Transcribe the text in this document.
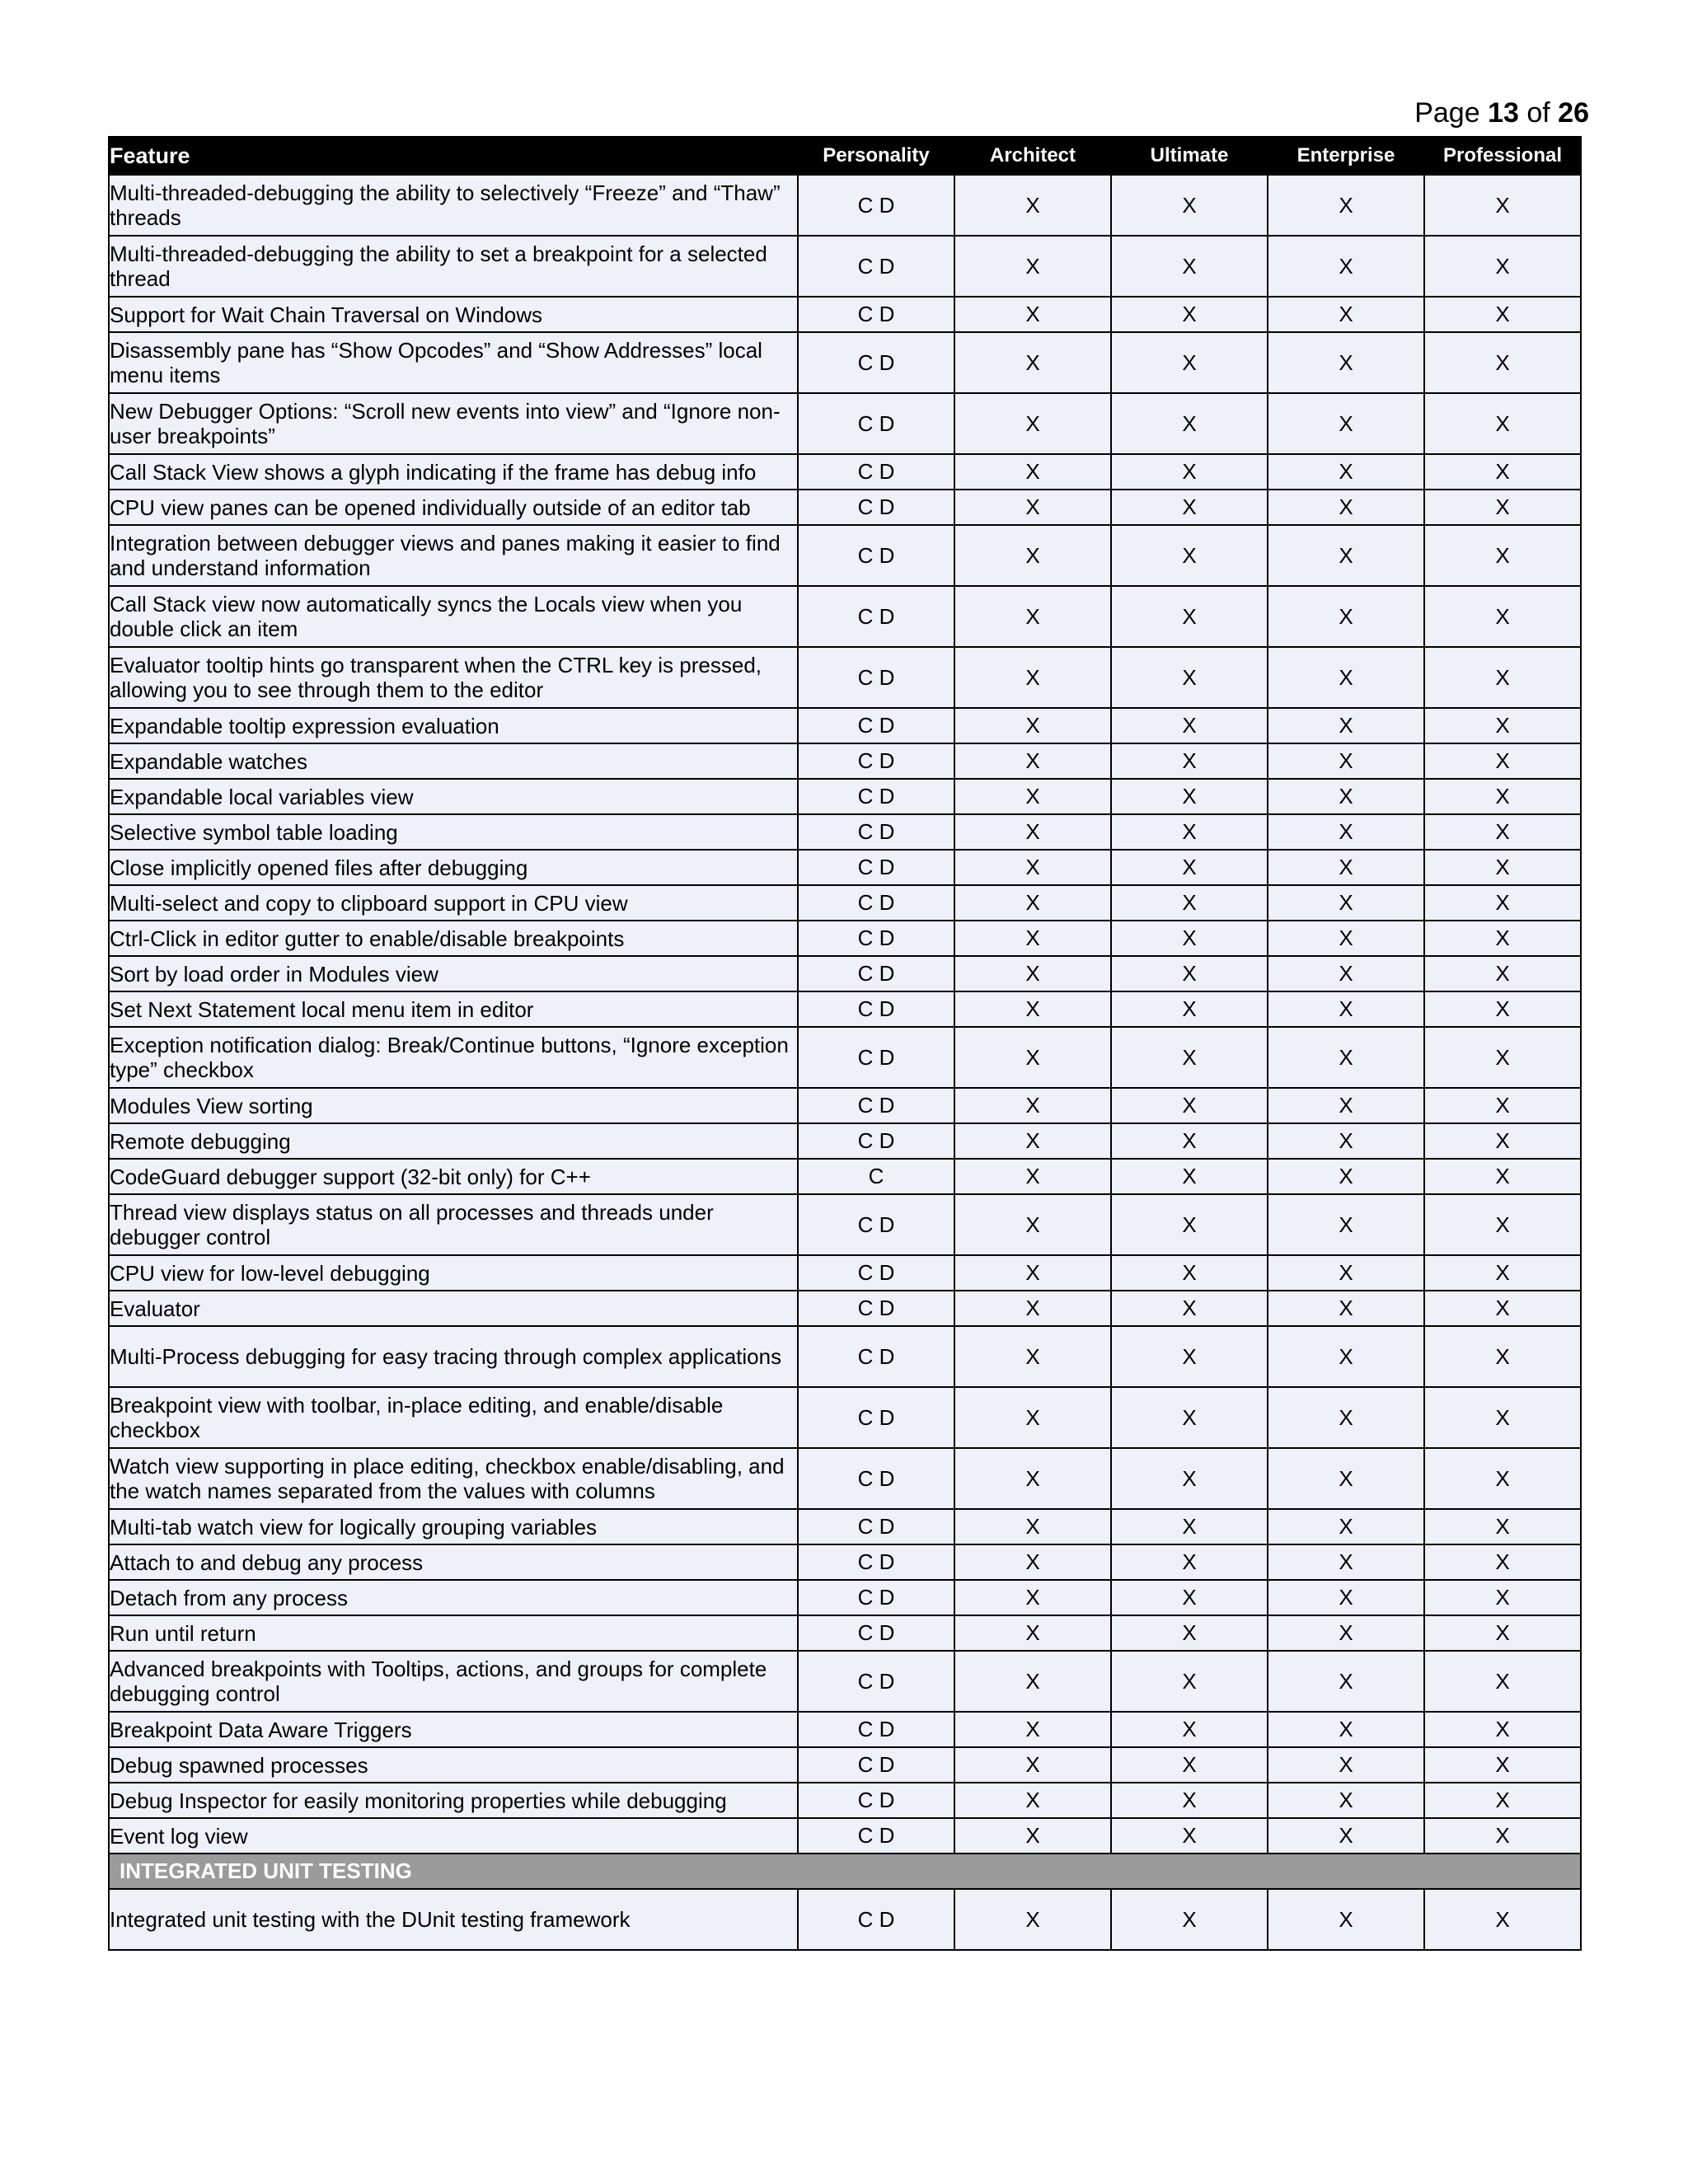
Page 13 of 26
Feature	Personality	Architect	Ultimate	Enterprise	Professional
Multi-threaded-debugging the ability to selectively “Freeze” and “Thaw” threads	C D	X	X	X	X
Multi-threaded-debugging the ability to set a breakpoint for a selected thread	C D	X	X	X	X
Support for Wait Chain Traversal on Windows	C D	X	X	X	X
Disassembly pane has “Show Opcodes” and “Show Addresses” local menu items	C D	X	X	X	X
New Debugger Options: “Scroll new events into view” and “Ignore non-user breakpoints”	C D	X	X	X	X
Call Stack View shows a glyph indicating if the frame has debug info	C D	X	X	X	X
CPU view panes can be opened individually outside of an editor tab	C D	X	X	X	X
Integration between debugger views and panes making it easier to find and understand information	C D	X	X	X	X
Call Stack view now automatically syncs the Locals view when you double click an item	C D	X	X	X	X
Evaluator tooltip hints go transparent when the CTRL key is pressed, allowing you to see through them to the editor	C D	X	X	X	X
Expandable tooltip expression evaluation	C D	X	X	X	X
Expandable watches	C D	X	X	X	X
Expandable local variables view	C D	X	X	X	X
Selective symbol table loading	C D	X	X	X	X
Close implicitly opened files after debugging	C D	X	X	X	X
Multi-select and copy to clipboard support in CPU view	C D	X	X	X	X
Ctrl-Click in editor gutter to enable/disable breakpoints	C D	X	X	X	X
Sort by load order in Modules view	C D	X	X	X	X
Set Next Statement local menu item in editor	C D	X	X	X	X
Exception notification dialog: Break/Continue buttons, “Ignore exception type” checkbox	C D	X	X	X	X
Modules View sorting	C D	X	X	X	X
Remote debugging	C D	X	X	X	X
CodeGuard debugger support (32-bit only) for C++	C	X	X	X	X
Thread view displays status on all processes and threads under debugger control	C D	X	X	X	X
CPU view for low-level debugging	C D	X	X	X	X
Evaluator	C D	X	X	X	X
Multi-Process debugging for easy tracing through complex applications	C D	X	X	X	X
Breakpoint view with toolbar, in-place editing, and enable/disable checkbox	C D	X	X	X	X
Watch view supporting in place editing, checkbox enable/disabling, and the watch names separated from the values with columns	C D	X	X	X	X
Multi-tab watch view for logically grouping variables	C D	X	X	X	X
Attach to and debug any process	C D	X	X	X	X
Detach from any process	C D	X	X	X	X
Run until return	C D	X	X	X	X
Advanced breakpoints with Tooltips, actions, and groups for complete debugging control	C D	X	X	X	X
Breakpoint Data Aware Triggers	C D	X	X	X	X
Debug spawned processes	C D	X	X	X	X
Debug Inspector for easily monitoring properties while debugging	C D	X	X	X	X
Event log view	C D	X	X	X	X
INTEGRATED UNIT TESTING					
Integrated unit testing with the DUnit testing framework	C D	X	X	X	X
